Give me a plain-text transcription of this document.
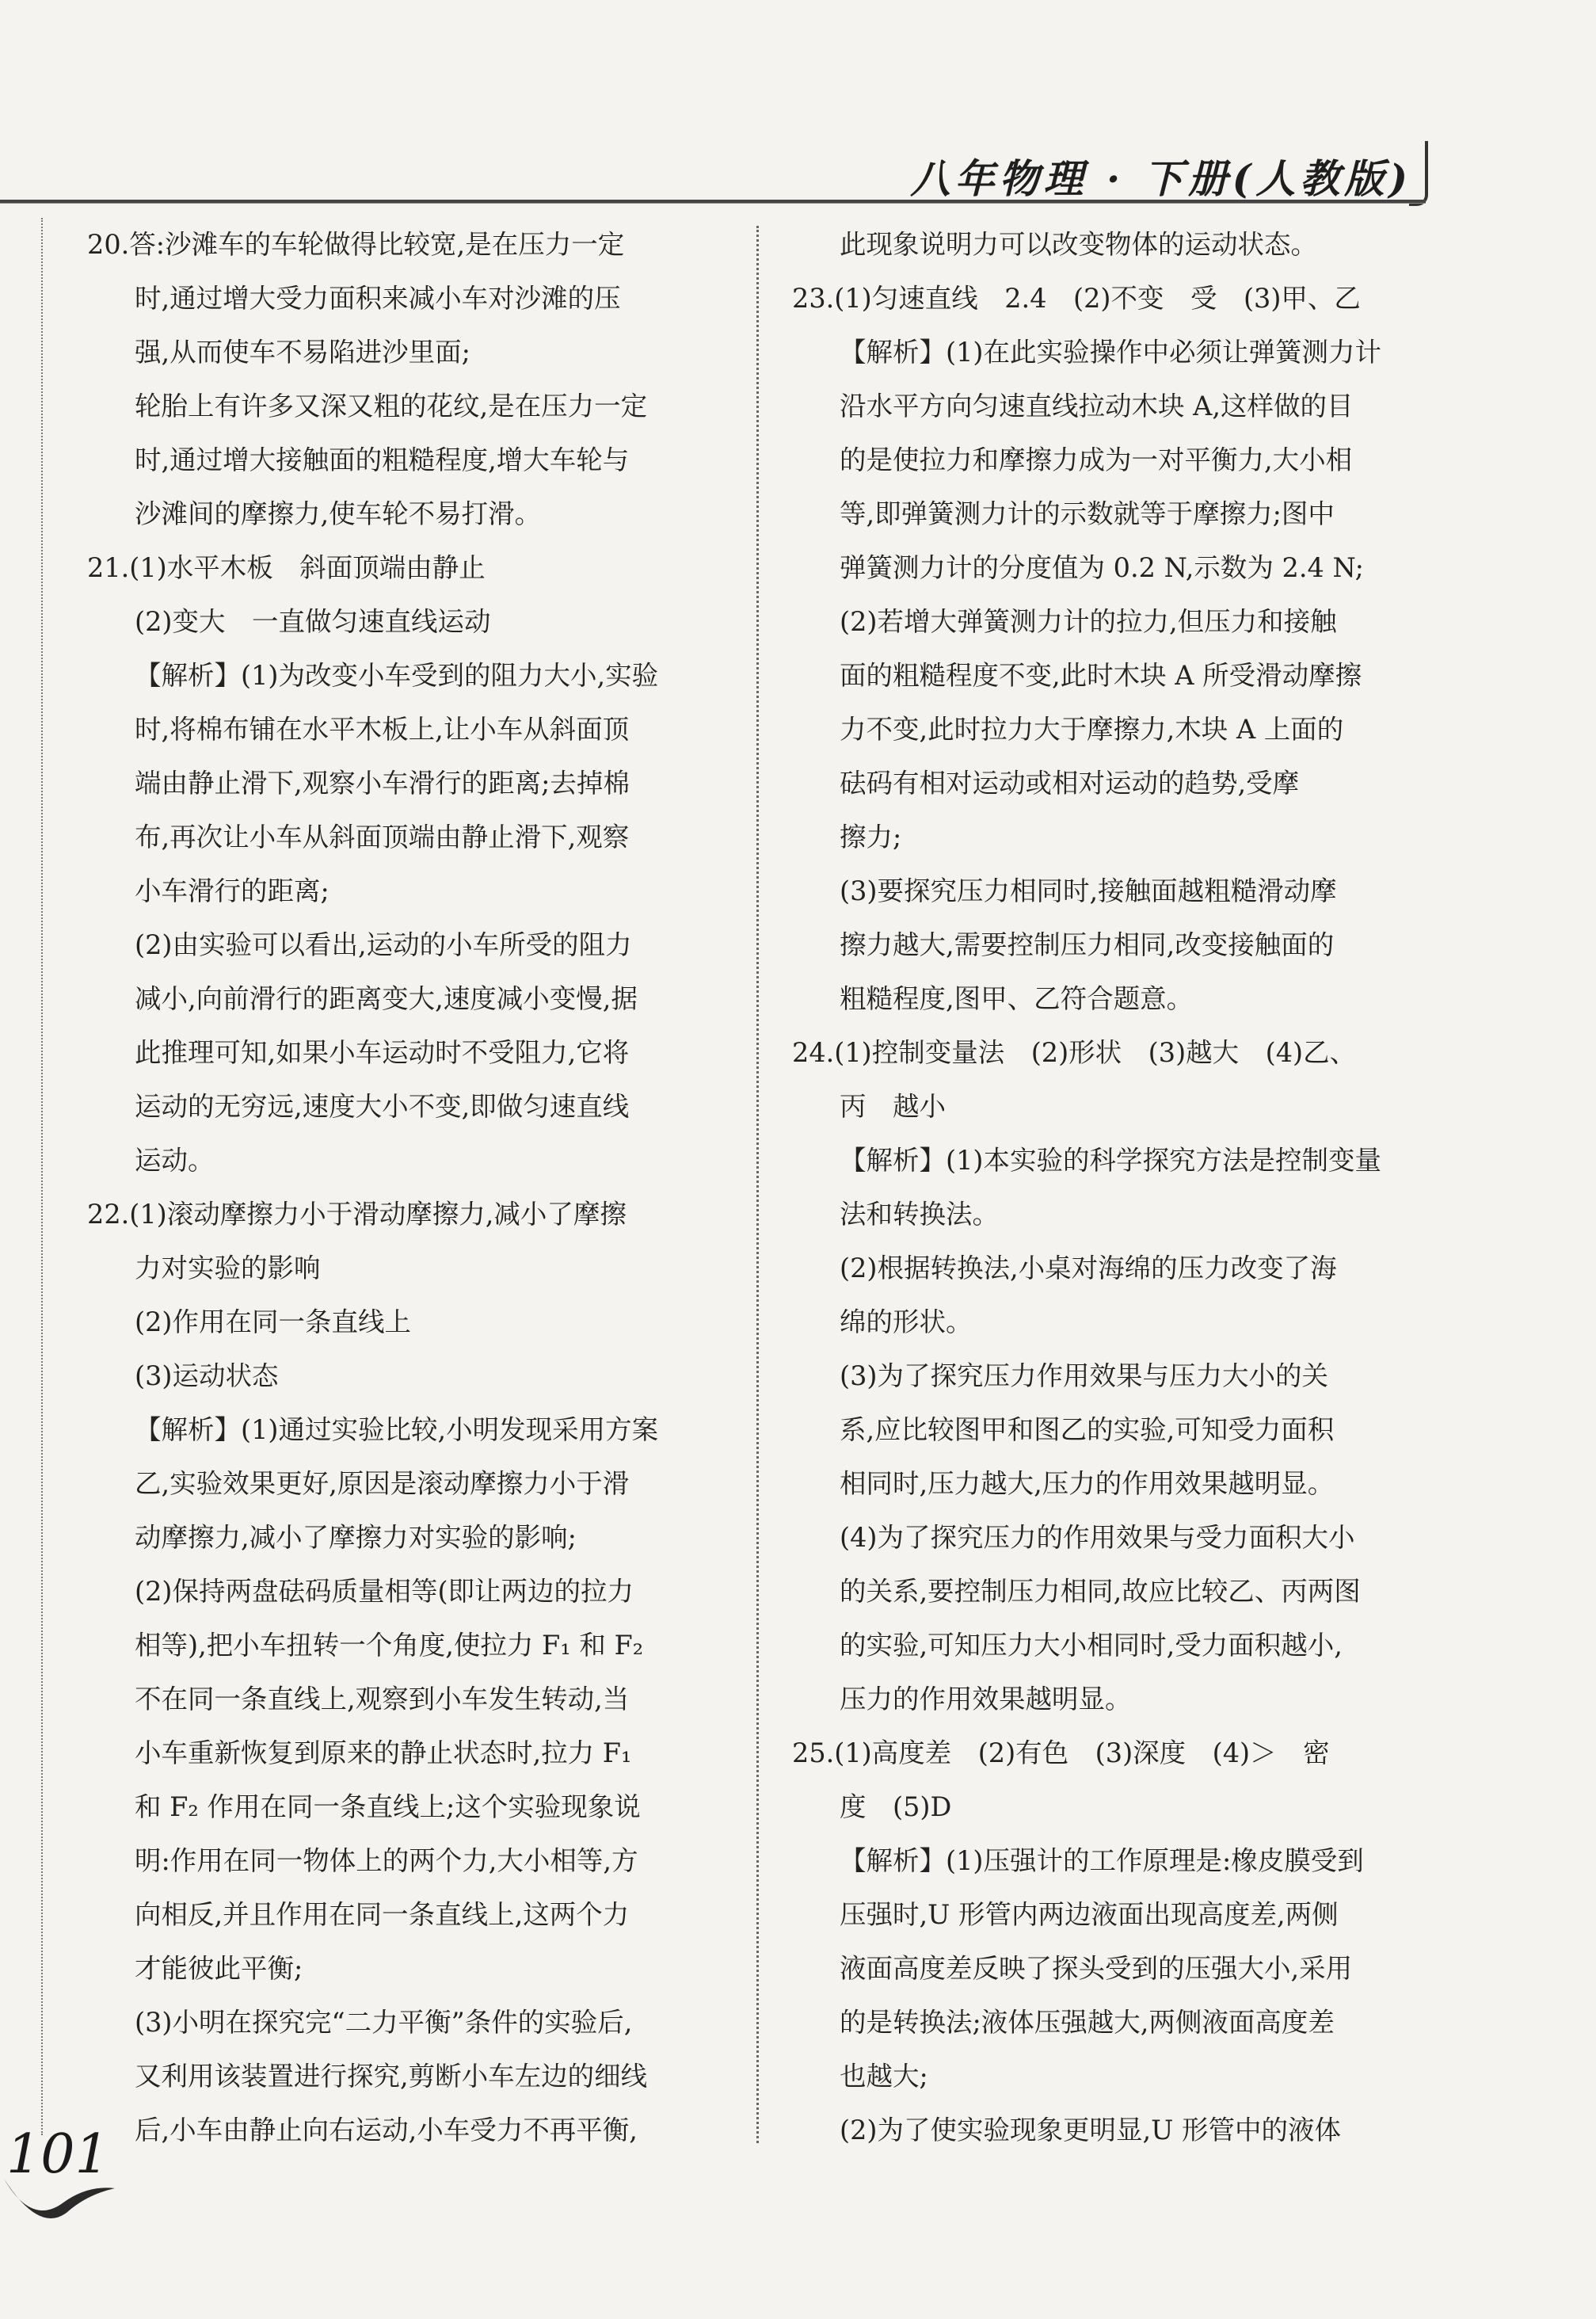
八年物理 · 下册(人教版)
20.答:沙滩车的车轮做得比较宽,是在压力一定
时,通过增大受力面积来减小车对沙滩的压
强,从而使车不易陷进沙里面;
轮胎上有许多又深又粗的花纹,是在压力一定
时,通过增大接触面的粗糙程度,增大车轮与
沙滩间的摩擦力,使车轮不易打滑。
21.(1)水平木板　斜面顶端由静止
(2)变大　一直做匀速直线运动
【解析】(1)为改变小车受到的阻力大小,实验
时,将棉布铺在水平木板上,让小车从斜面顶
端由静止滑下,观察小车滑行的距离;去掉棉
布,再次让小车从斜面顶端由静止滑下,观察
小车滑行的距离;
(2)由实验可以看出,运动的小车所受的阻力
减小,向前滑行的距离变大,速度减小变慢,据
此推理可知,如果小车运动时不受阻力,它将
运动的无穷远,速度大小不变,即做匀速直线
运动。
22.(1)滚动摩擦力小于滑动摩擦力,减小了摩擦
力对实验的影响
(2)作用在同一条直线上
(3)运动状态
【解析】(1)通过实验比较,小明发现采用方案
乙,实验效果更好,原因是滚动摩擦力小于滑
动摩擦力,减小了摩擦力对实验的影响;
(2)保持两盘砝码质量相等(即让两边的拉力
相等),把小车扭转一个角度,使拉力 F₁ 和 F₂
不在同一条直线上,观察到小车发生转动,当
小车重新恢复到原来的静止状态时,拉力 F₁
和 F₂ 作用在同一条直线上;这个实验现象说
明:作用在同一物体上的两个力,大小相等,方
向相反,并且作用在同一条直线上,这两个力
才能彼此平衡;
(3)小明在探究完“二力平衡”条件的实验后,
又利用该装置进行探究,剪断小车左边的细线
后,小车由静止向右运动,小车受力不再平衡,
此现象说明力可以改变物体的运动状态。
23.(1)匀速直线　2.4　(2)不变　受　(3)甲、乙
【解析】(1)在此实验操作中必须让弹簧测力计
沿水平方向匀速直线拉动木块 A,这样做的目
的是使拉力和摩擦力成为一对平衡力,大小相
等,即弹簧测力计的示数就等于摩擦力;图中
弹簧测力计的分度值为 0.2 N,示数为 2.4 N;
(2)若增大弹簧测力计的拉力,但压力和接触
面的粗糙程度不变,此时木块 A 所受滑动摩擦
力不变,此时拉力大于摩擦力,木块 A 上面的
砝码有相对运动或相对运动的趋势,受摩
擦力;
(3)要探究压力相同时,接触面越粗糙滑动摩
擦力越大,需要控制压力相同,改变接触面的
粗糙程度,图甲、乙符合题意。
24.(1)控制变量法　(2)形状　(3)越大　(4)乙、
丙　越小
【解析】(1)本实验的科学探究方法是控制变量
法和转换法。
(2)根据转换法,小桌对海绵的压力改变了海
绵的形状。
(3)为了探究压力作用效果与压力大小的关
系,应比较图甲和图乙的实验,可知受力面积
相同时,压力越大,压力的作用效果越明显。
(4)为了探究压力的作用效果与受力面积大小
的关系,要控制压力相同,故应比较乙、丙两图
的实验,可知压力大小相同时,受力面积越小,
压力的作用效果越明显。
25.(1)高度差　(2)有色　(3)深度　(4)＞　密
度　(5)D
【解析】(1)压强计的工作原理是:橡皮膜受到
压强时,U 形管内两边液面出现高度差,两侧
液面高度差反映了探头受到的压强大小,采用
的是转换法;液体压强越大,两侧液面高度差
也越大;
(2)为了使实验现象更明显,U 形管中的液体
101
